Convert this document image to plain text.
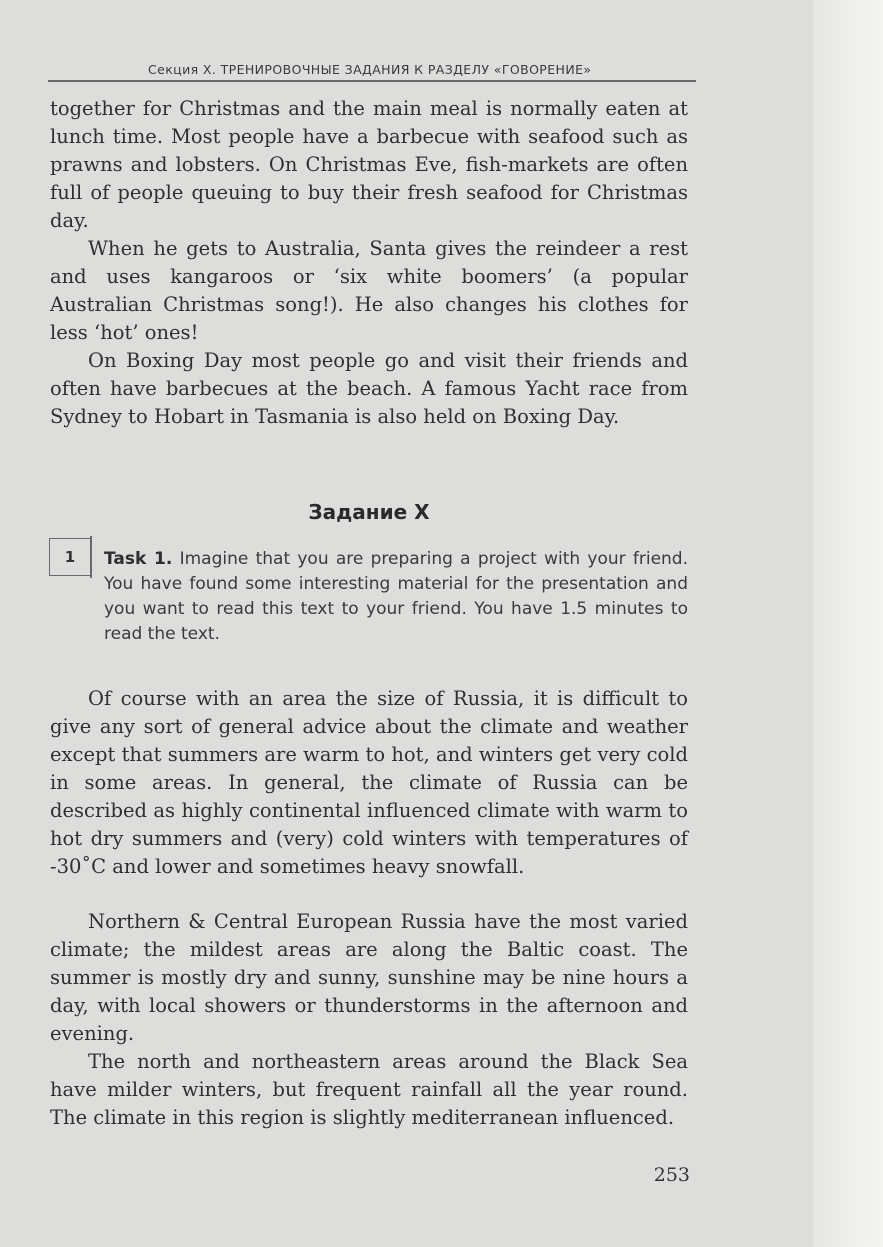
Секция X. ТРЕНИРОВОЧНЫЕ ЗАДАНИЯ К РАЗДЕЛУ «ГОВОРЕНИЕ»

together for Christmas and the main meal is normally eaten at lunch time. Most people have a barbecue with seafood such as prawns and lobsters. On Christmas Eve, fish-markets are often full of people queuing to buy their fresh seafood for Christmas day.

When he gets to Australia, Santa gives the reindeer a rest and uses kangaroos or ‘six white boomers’ (a popular Australian Christmas song!). He also changes his clothes for less ‘hot’ ones!

On Boxing Day most people go and visit their friends and often have barbecues at the beach. A famous Yacht race from Sydney to Hobart in Tasmania is also held on Boxing Day.

Задание X
1	Task 1. Imagine that you are preparing a project with your friend. You have found some interesting material for the presentation and you want to read this text to your friend. You have 1.5 minutes to read the text.

Of course with an area the size of Russia, it is difficult to give any sort of general advice about the climate and weather except that summers are warm to hot, and winters get very cold in some areas. In general, the climate of Russia can be described as highly continental influenced climate with warm to hot dry summers and (very) cold winters with temperatures of -30˚C and lower and sometimes heavy snowfall.

Northern & Central European Russia have the most varied climate; the mildest areas are along the Baltic coast. The summer is mostly dry and sunny, sunshine may be nine hours a day, with local showers or thunderstorms in the afternoon and evening.

The north and northeastern areas around the Black Sea have milder winters, but frequent rainfall all the year round. The climate in this region is slightly mediterranean influenced.

253
